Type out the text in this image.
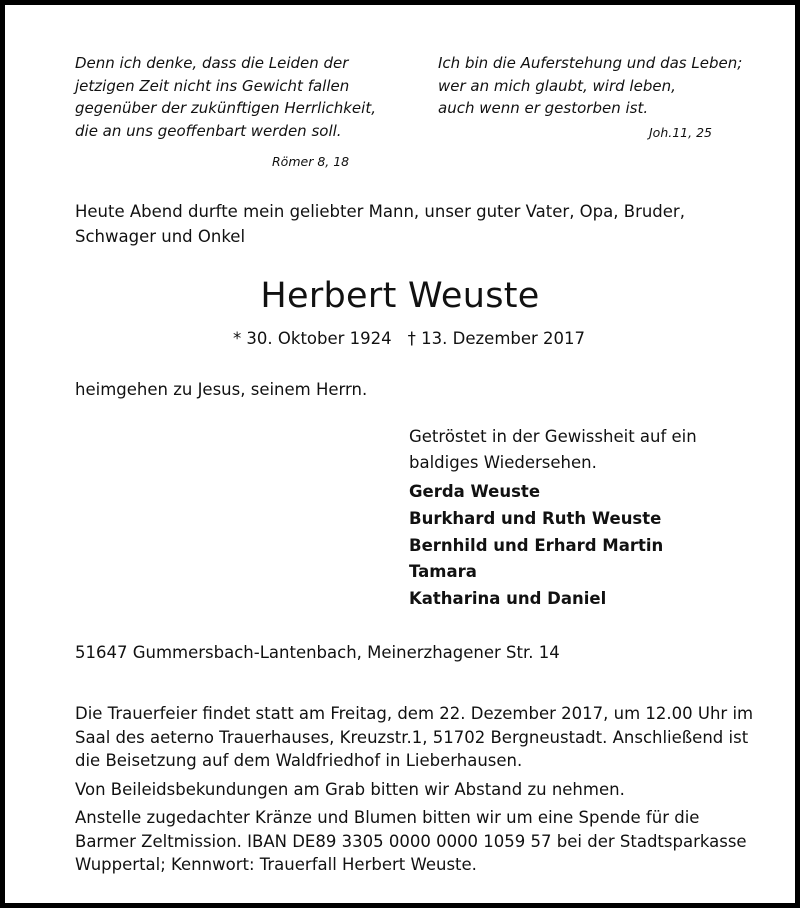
Denn ich denke, dass die Leiden der
jetzigen Zeit nicht ins Gewicht fallen
gegenüber der zukünftigen Herrlichkeit,
die an uns geoffenbart werden soll.
Römer 8, 18
Ich bin die Auferstehung und das Leben;
wer an mich glaubt, wird leben,
auch wenn er gestorben ist.
Joh.11, 25
Heute Abend durfte mein geliebter Mann, unser guter Vater, Opa, Bruder,
Schwager und Onkel
Herbert Weuste
* 30. Oktober 1924 † 13. Dezember 2017
heimgehen zu Jesus, seinem Herrn.
Getröstet in der Gewissheit auf ein
baldiges Wiedersehen.
Gerda Weuste
Burkhard und Ruth Weuste
Bernhild und Erhard Martin
Tamara
Katharina und Daniel
51647 Gummersbach-Lantenbach, Meinerzhagener Str. 14
Die Trauerfeier findet statt am Freitag, dem 22. Dezember 2017, um 12.00 Uhr im
Saal des aeterno Trauerhauses, Kreuzstr.1, 51702 Bergneustadt. Anschließend ist
die Beisetzung auf dem Waldfriedhof in Lieberhausen.
Von Beileidsbekundungen am Grab bitten wir Abstand zu nehmen.
Anstelle zugedachter Kränze und Blumen bitten wir um eine Spende für die
Barmer Zeltmission. IBAN DE89 3305 0000 0000 1059 57 bei der Stadtsparkasse
Wuppertal; Kennwort: Trauerfall Herbert Weuste.
